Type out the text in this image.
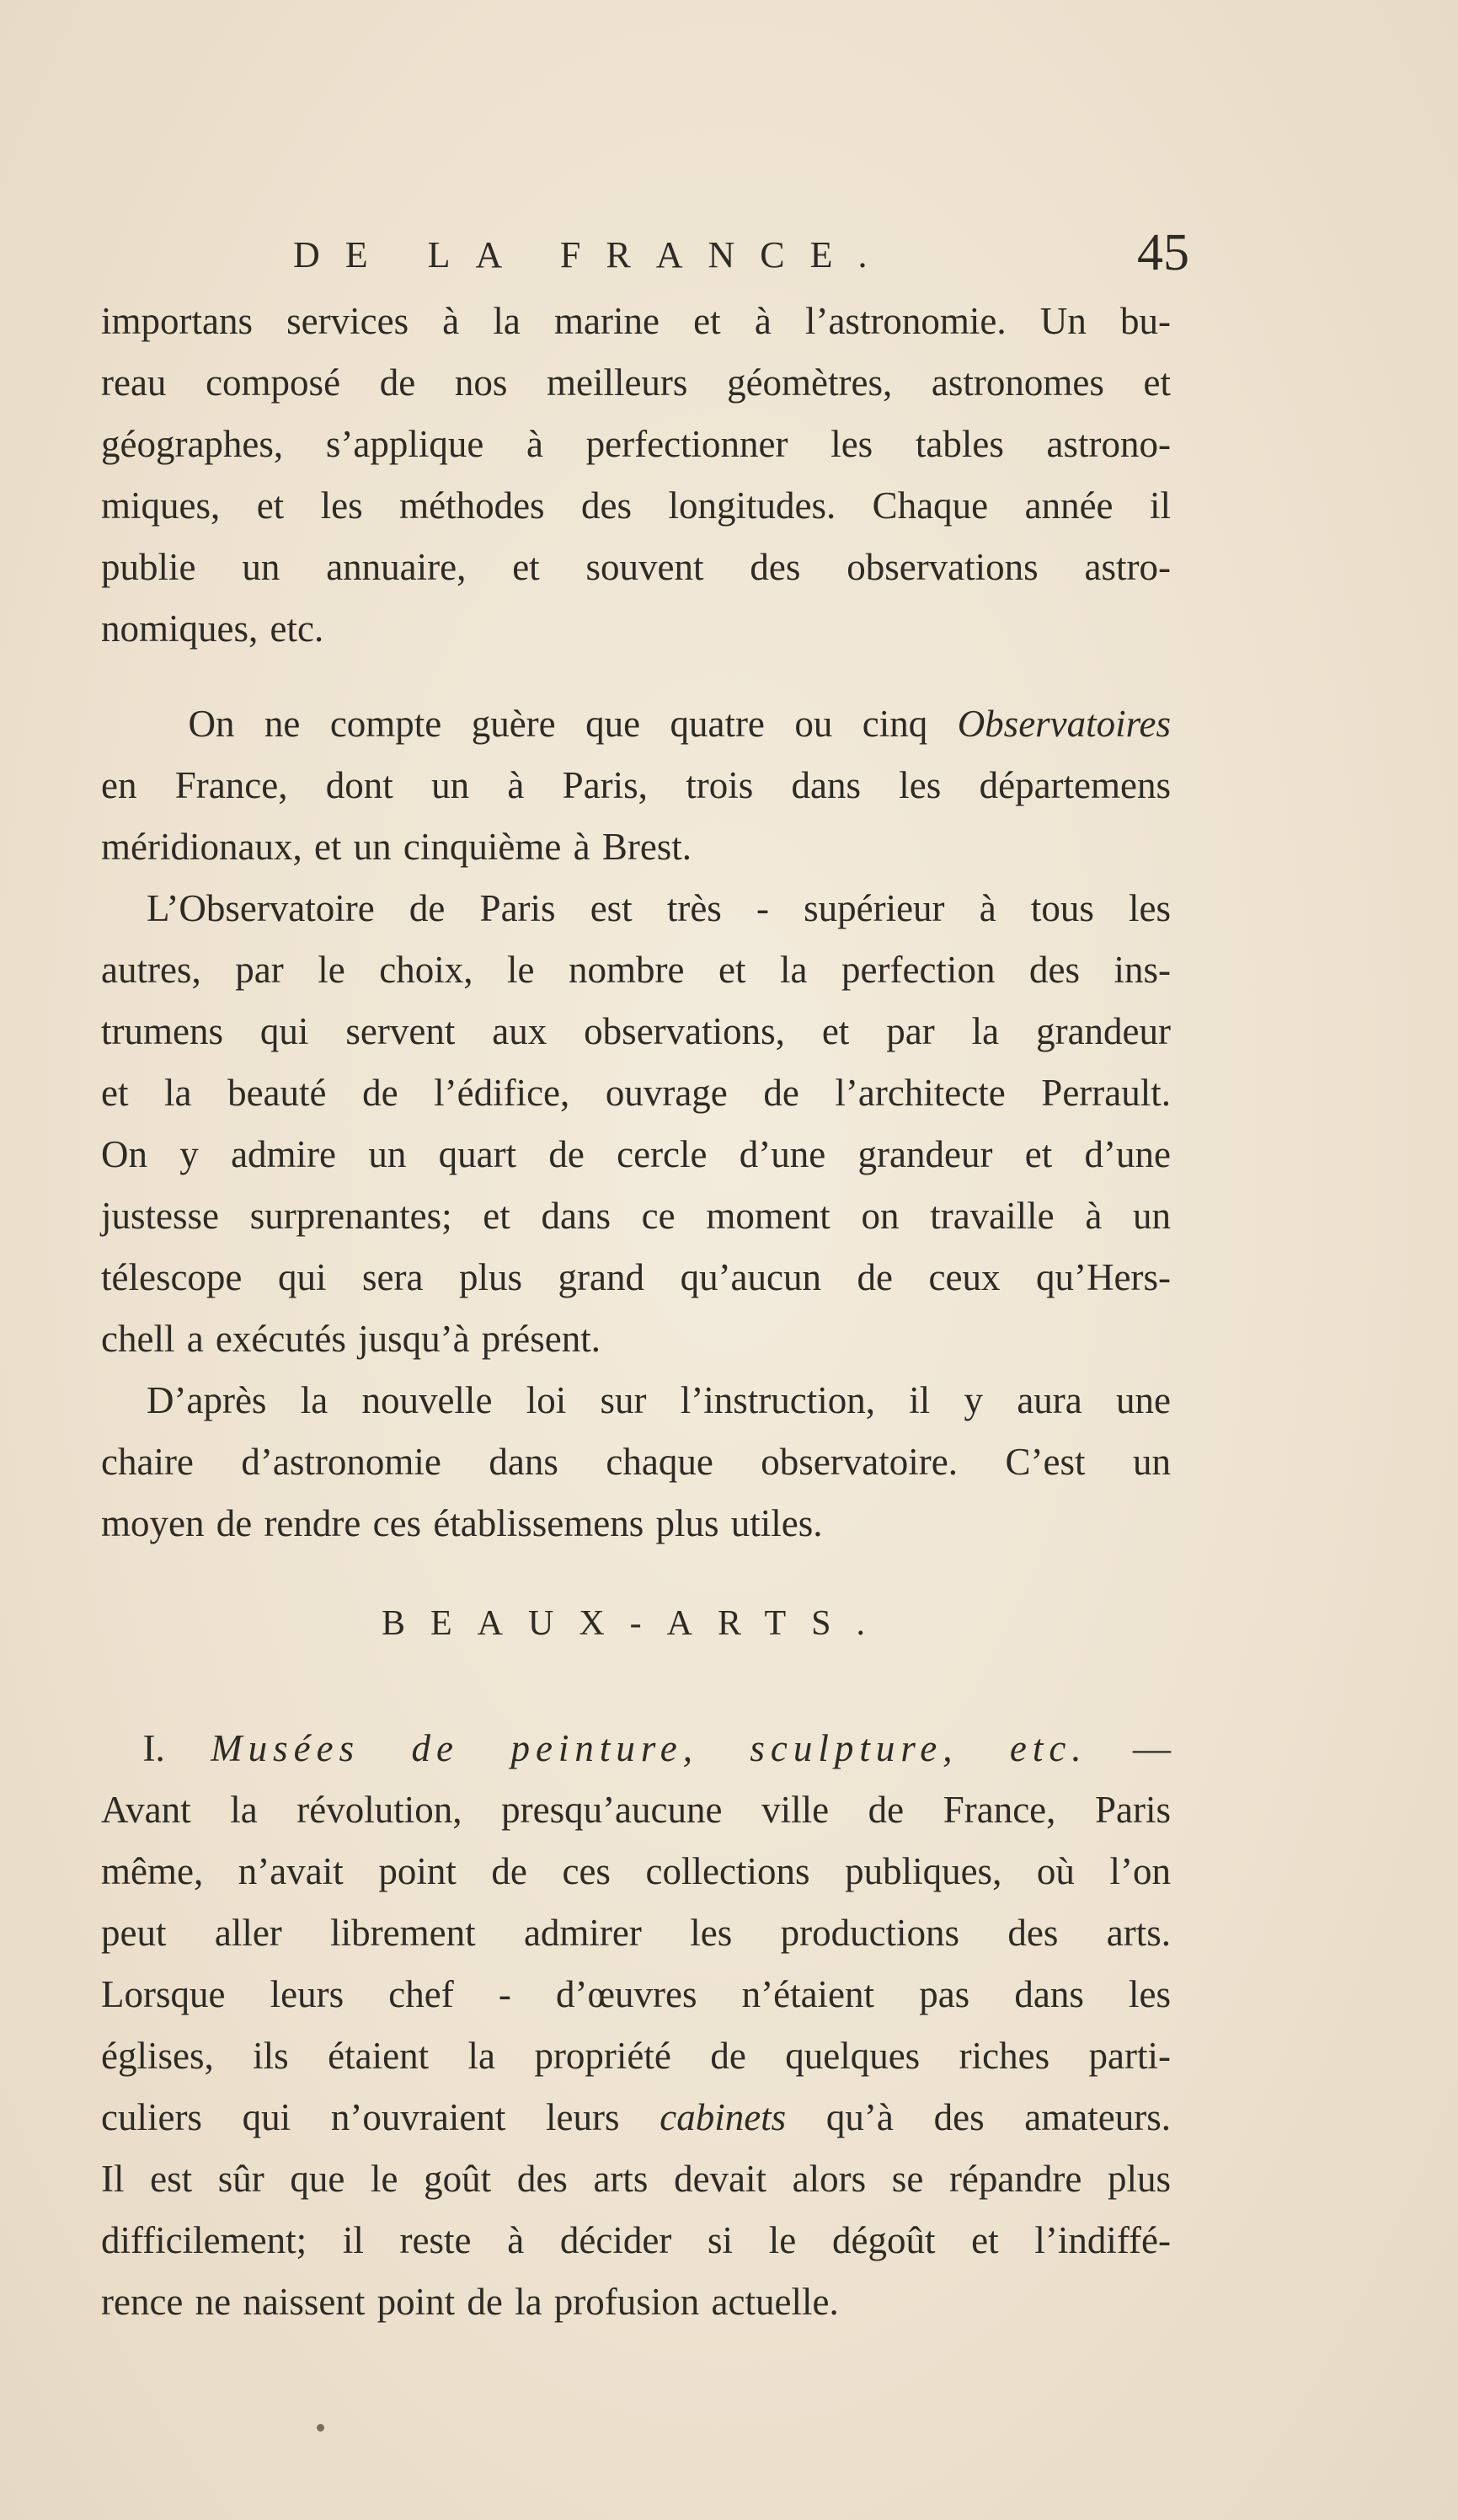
DE LA FRANCE.	45

importans services à la marine et à l’astronomie. Un bu-
reau composé de nos meilleurs géomètres, astronomes et
géographes, s’applique à perfectionner les tables astrono-
miques, et les méthodes des longitudes. Chaque année il
publie un annuaire, et souvent des observations astro-
nomiques, etc.

On ne compte guère que quatre ou cinq Observatoires
en France, dont un à Paris, trois dans les départemens
méridionaux, et un cinquième à Brest.

L’Observatoire de Paris est très - supérieur à tous les
autres, par le choix, le nombre et la perfection des ins-
trumens qui servent aux observations, et par la grandeur
et la beauté de l’édifice, ouvrage de l’architecte Perrault.
On y admire un quart de cercle d’une grandeur et d’une
justesse surprenantes; et dans ce moment on travaille à un
télescope qui sera plus grand qu’aucun de ceux qu’Hers-
chell a exécutés jusqu’à présent.

D’après la nouvelle loi sur l’instruction, il y aura une
chaire d’astronomie dans chaque observatoire. C’est un
moyen de rendre ces établissemens plus utiles.

BEAUX-ARTS.

I. Musées de peinture, sculpture, etc. —
Avant la révolution, presqu’aucune ville de France, Paris
même, n’avait point de ces collections publiques, où l’on
peut aller librement admirer les productions des arts.
Lorsque leurs chef - d’œuvres n’étaient pas dans les
églises, ils étaient la propriété de quelques riches parti-
culiers qui n’ouvraient leurs cabinets qu’à des amateurs.
Il est sûr que le goût des arts devait alors se répandre plus
difficilement; il reste à décider si le dégoût et l’indiffé-
rence ne naissent point de la profusion actuelle.
